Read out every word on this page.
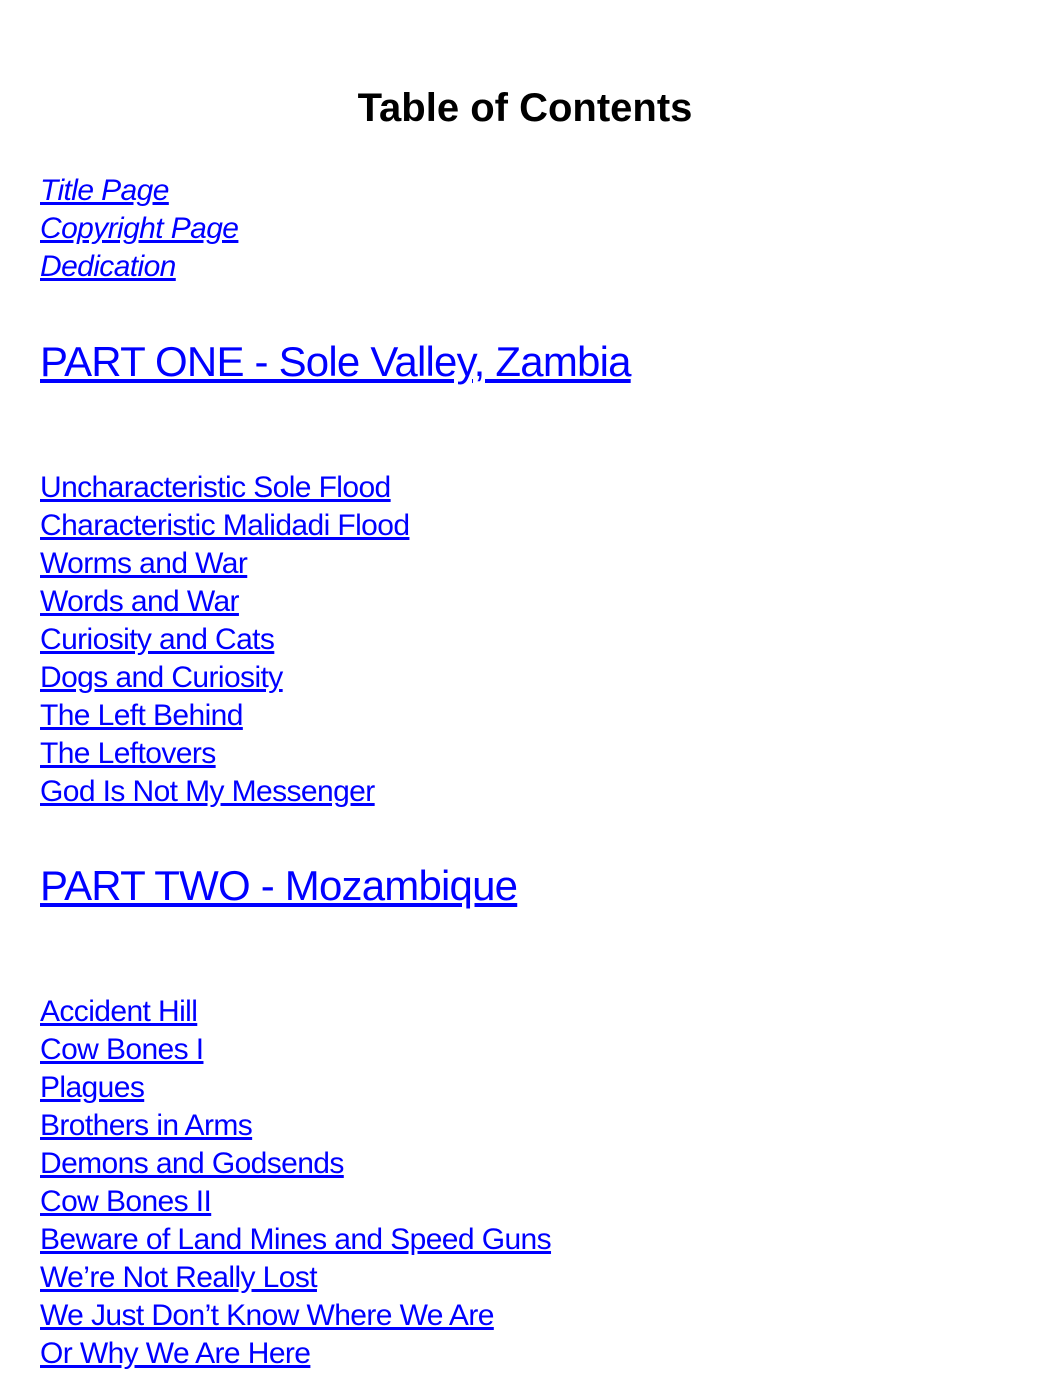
Table of Contents
Title Page
Copyright Page
Dedication
PART ONE - Sole Valley, Zambia
Uncharacteristic Sole Flood
Characteristic Malidadi Flood
Worms and War
Words and War
Curiosity and Cats
Dogs and Curiosity
The Left Behind
The Leftovers
God Is Not My Messenger
PART TWO - Mozambique
Accident Hill
Cow Bones I
Plagues
Brothers in Arms
Demons and Godsends
Cow Bones II
Beware of Land Mines and Speed Guns
We’re Not Really Lost
We Just Don’t Know Where We Are
Or Why We Are Here
